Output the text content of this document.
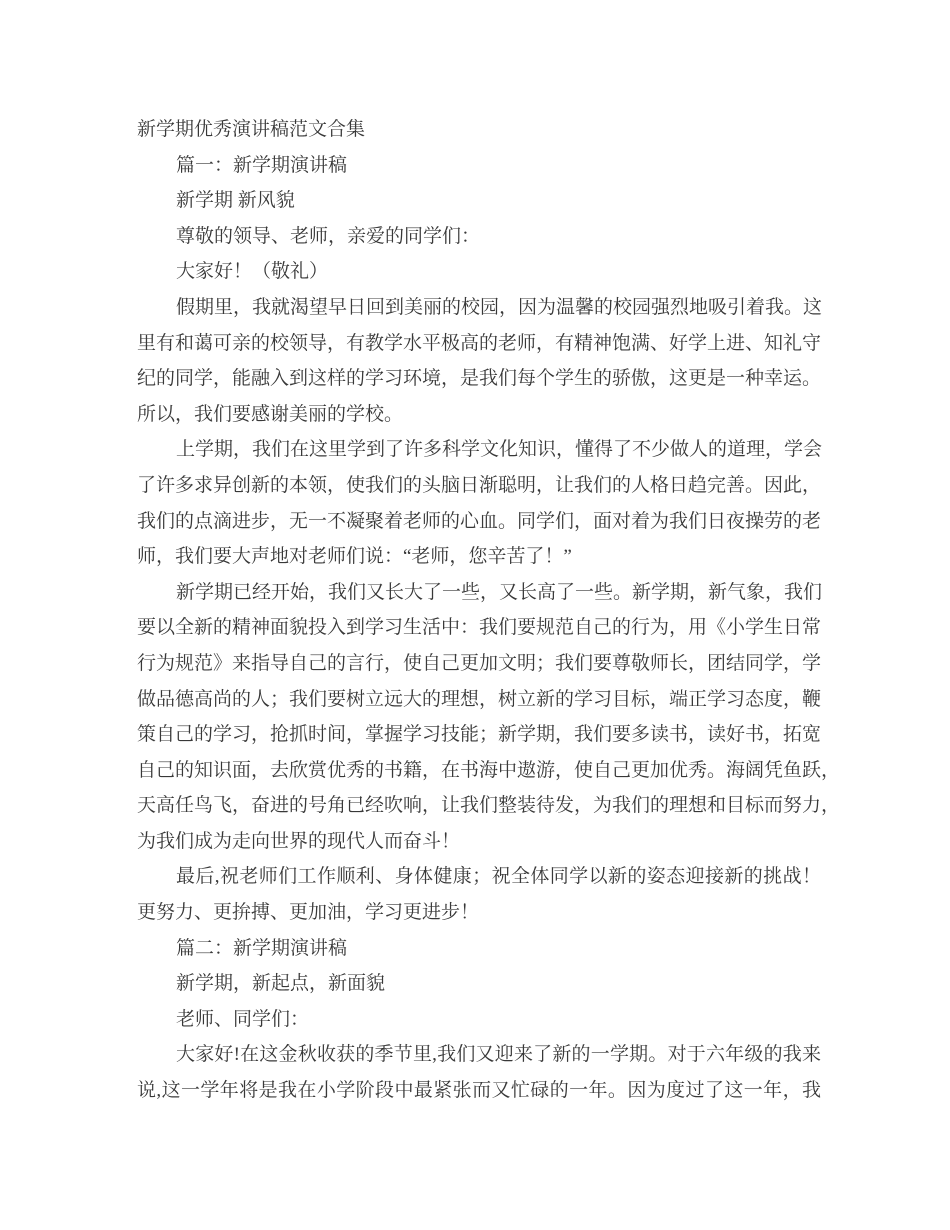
新学期优秀演讲稿范文合集
篇一：新学期演讲稿
新学期 新风貌
尊敬的领导、老师，亲爱的同学们：
大家好！（敬礼）
假期里，我就渴望早日回到美丽的校园，因为温馨的校园强烈地吸引着我。这
里有和蔼可亲的校领导，有教学水平极高的老师，有精神饱满、好学上进、知礼守
纪的同学，能融入到这样的学习环境，是我们每个学生的骄傲，这更是一种幸运。
所以，我们要感谢美丽的学校。
上学期，我们在这里学到了许多科学文化知识，懂得了不少做人的道理，学会
了许多求异创新的本领，使我们的头脑日渐聪明，让我们的人格日趋完善。因此，
我们的点滴进步，无一不凝聚着老师的心血。同学们，面对着为我们日夜操劳的老
师，我们要大声地对老师们说：“老师，您辛苦了！”
新学期已经开始，我们又长大了一些，又长高了一些。新学期，新气象，我们
要以全新的精神面貌投入到学习生活中：我们要规范自己的行为，用《小学生日常
行为规范》来指导自己的言行，使自己更加文明；我们要尊敬师长，团结同学，学
做品德高尚的人；我们要树立远大的理想，树立新的学习目标，端正学习态度，鞭
策自己的学习，抢抓时间，掌握学习技能；新学期，我们要多读书，读好书，拓宽
自己的知识面，去欣赏优秀的书籍，在书海中遨游，使自己更加优秀。海阔凭鱼跃，
天高任鸟飞，奋进的号角已经吹响，让我们整装待发，为我们的理想和目标而努力，
为我们成为走向世界的现代人而奋斗！
最后,祝老师们工作顺利、身体健康；祝全体同学以新的姿态迎接新的挑战！
更努力、更拚搏、更加油，学习更进步！
篇二：新学期演讲稿
新学期，新起点，新面貌
老师、同学们：
大家好!在这金秋收获的季节里,我们又迎来了新的一学期。对于六年级的我来
说,这一学年将是我在小学阶段中最紧张而又忙碌的一年。因为度过了这一年，我
